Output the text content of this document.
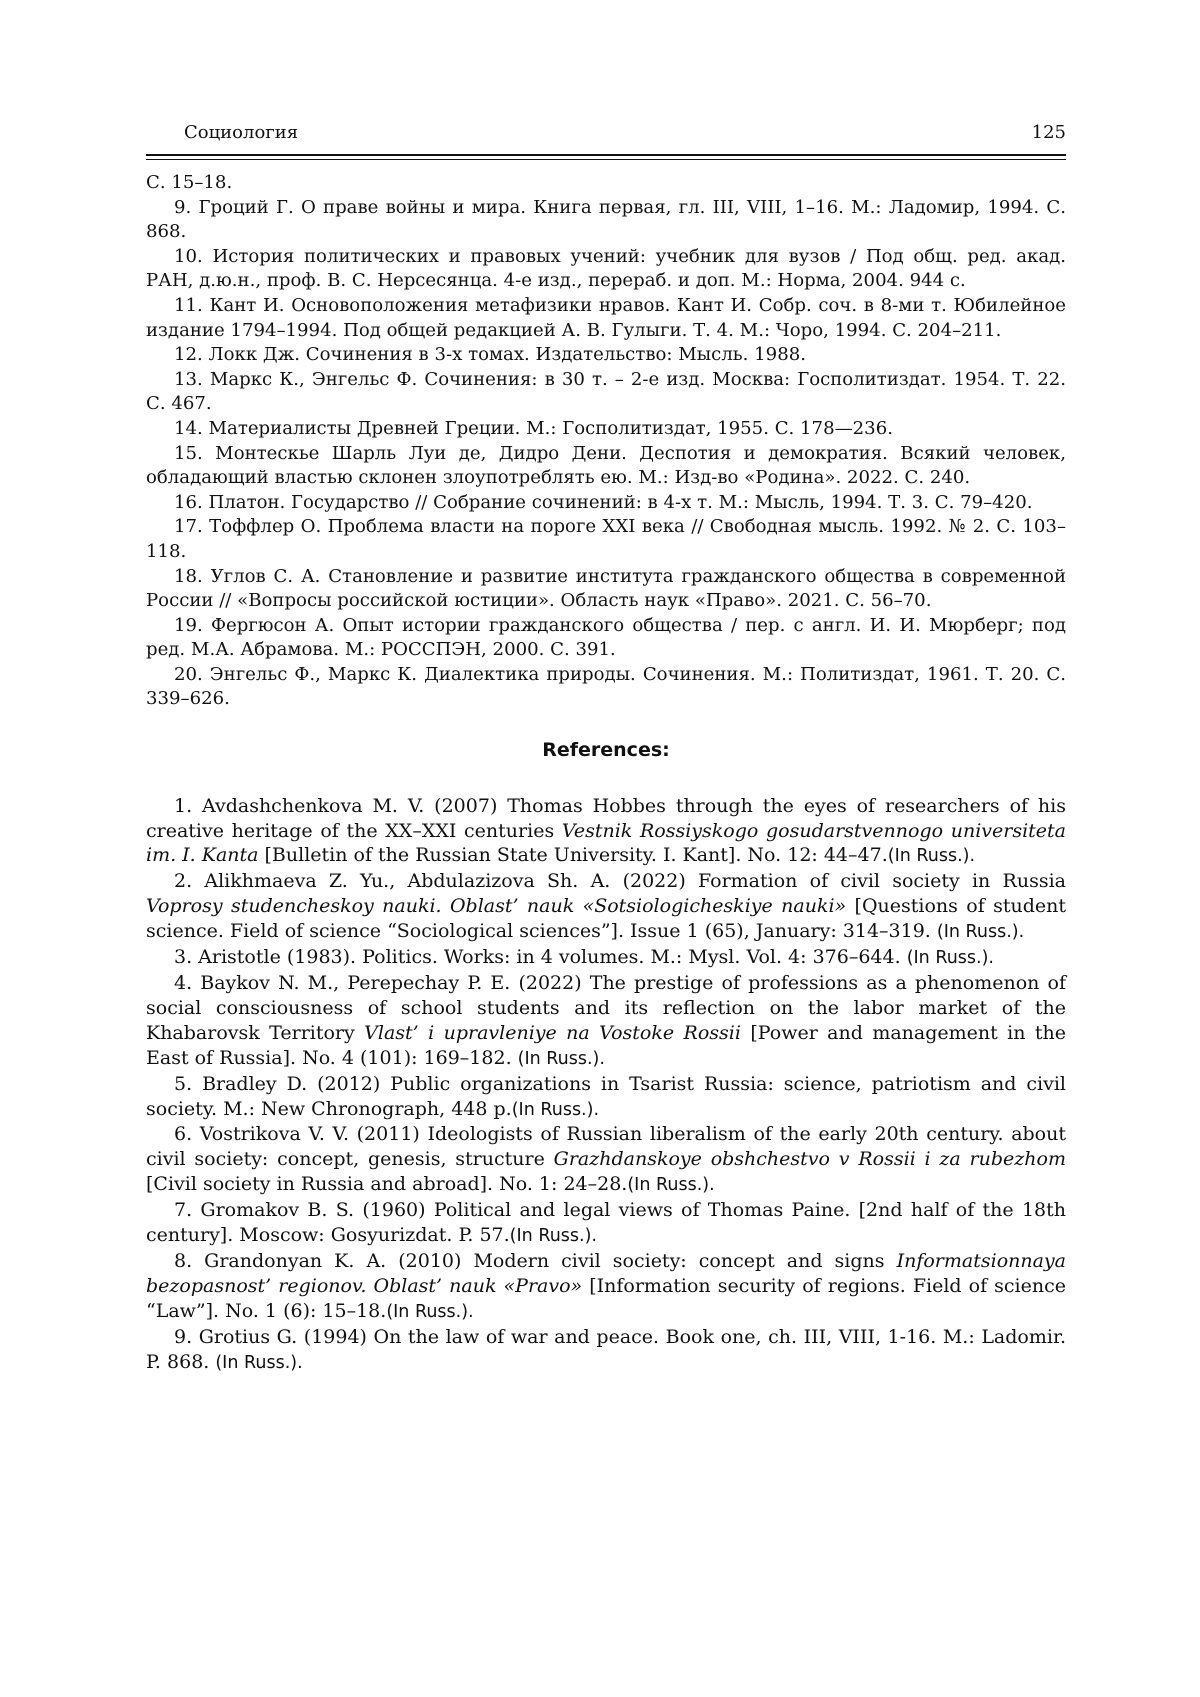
Социология	125

С. 15–18.

9. Гроций Г. О праве войны и мира. Книга первая, гл. III, VIII, 1–16. М.: Ладомир, 1994. С. 868.

10. История политических и правовых учений: учебник для вузов / Под общ. ред. акад. РАН, д.ю.н., проф. В. С. Нерсесянца. 4-е изд., перераб. и доп. М.: Норма, 2004. 944 с.

11. Кант И. Основоположения метафизики нравов. Кант И. Собр. соч. в 8-ми т. Юбилейное издание 1794–1994. Под общей редакцией А. В. Гулыги. Т. 4. М.: Чоро, 1994. С. 204–211.

12. Локк Дж. Сочинения в 3-х томах. Издательство: Мысль. 1988.

13. Маркс К., Энгельс Ф. Сочинения: в 30 т. – 2-е изд. Москва: Госполитиздат. 1954. Т. 22. С. 467.

14. Материалисты Древней Греции. М.: Госполитиздат, 1955. С. 178—236.

15. Монтескье Шарль Луи де, Дидро Дени. Деспотия и демократия. Всякий человек, обладающий властью склонен злоупотреблять ею. М.: Изд-во «Родина». 2022. С. 240.

16. Платон. Государство // Собрание сочинений: в 4-х т. М.: Мысль, 1994. Т. 3. С. 79–420.

17. Тоффлер О. Проблема власти на пороге XXI века // Свободная мысль. 1992. № 2. С. 103–118.

18. Углов С. А. Становление и развитие института гражданского общества в современной России // «Вопросы российской юстиции». Область наук «Право». 2021. С. 56–70.

19. Фергюсон А. Опыт истории гражданского общества / пер. с англ. И. И. Мюрберг; под ред. М.А. Абрамова. М.: РОССПЭН, 2000. С. 391.

20. Энгельс Ф., Маркс К. Диалектика природы. Сочинения. М.: Политиздат, 1961. Т. 20. С. 339–626.

References:

1. Avdashchenkova M. V. (2007) Thomas Hobbes through the eyes of researchers of his creative heritage of the XX–XXI centuries Vestnik Rossiyskogo gosudarstvennogo universiteta im. I. Kanta [Bulletin of the Russian State University. I. Kant]. No. 12: 44–47.(In Russ.).

2. Alikhmaeva Z. Yu., Abdulazizova Sh. A. (2022) Formation of civil society in Russia Voprosy studencheskoy nauki. Oblast’ nauk «Sotsiologicheskiye nauki» [Questions of student science. Field of science “Sociological sciences”]. Issue 1 (65), January: 314–319. (In Russ.).

3. Aristotle (1983). Politics. Works: in 4 volumes. M.: Mysl. Vol. 4: 376–644. (In Russ.).

4. Baykov N. M., Perepechay P. E. (2022) The prestige of professions as a phenomenon of social consciousness of school students and its reflection on the labor market of the Khabarovsk Territory Vlast’ i upravleniye na Vostoke Rossii [Power and management in the East of Russia]. No. 4 (101): 169–182. (In Russ.).

5. Bradley D. (2012) Public organizations in Tsarist Russia: science, patriotism and civil society. M.: New Chronograph, 448 p.(In Russ.).

6. Vostrikova V. V. (2011) Ideologists of Russian liberalism of the early 20th century. about civil society: concept, genesis, structure Grazhdanskoye obshchestvo v Rossii i za rubezhom [Civil society in Russia and abroad]. No. 1: 24–28.(In Russ.).

7. Gromakov B. S. (1960) Political and legal views of Thomas Paine. [2nd half of the 18th century]. Moscow: Gosyurizdat. P. 57.(In Russ.).

8. Grandonyan K. A. (2010) Modern civil society: concept and signs Informatsionnaya bezopasnost’ regionov. Oblast’ nauk «Pravo» [Information security of regions. Field of science “Law”]. No. 1 (6): 15–18.(In Russ.).

9. Grotius G. (1994) On the law of war and peace. Book one, ch. III, VIII, 1-16. M.: Ladomir. P. 868. (In Russ.).
